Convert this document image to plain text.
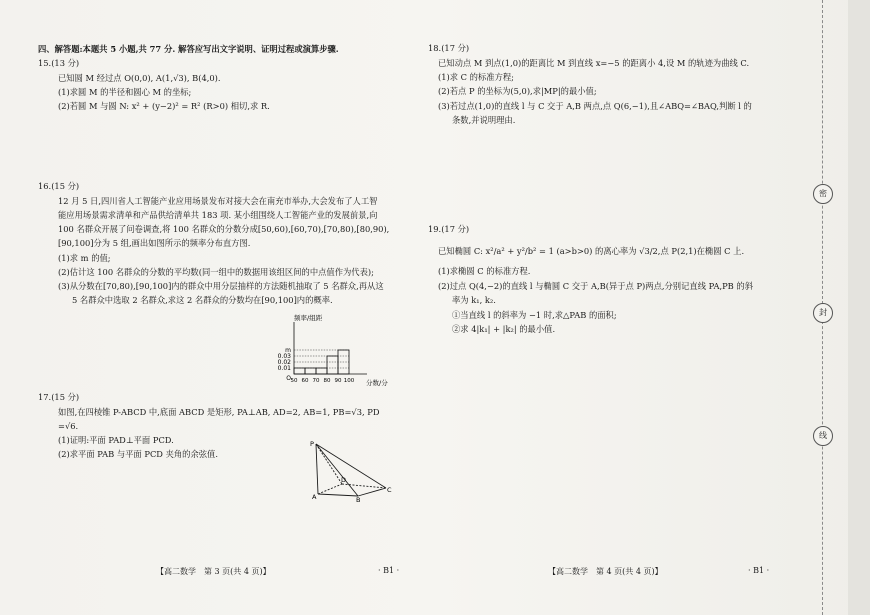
四、解答题:本题共 5 小题,共 77 分. 解答应写出文字说明、证明过程或演算步骤.
15.(13 分)
已知圆 M 经过点 O(0,0), A(1,√3), B(4,0).
(1)求圆 M 的半径和圆心 M 的坐标;
(2)若圆 M 与圆 N: x² + (y−2)² = R² (R>0) 相切,求 R.
16.(15 分)
12 月 5 日,四川省人工智能产业应用场景发布对接大会在南充市举办,大会发布了人工智
能应用场景需求清单和产品供给清单共 183 项. 某小组围绕人工智能产业的发展前景,向
100 名群众开展了问卷调查,将 100 名群众的分数分成[50,60),[60,70),[70,80),[80,90),
[90,100]分为 5 组,画出如图所示的频率分布直方图.
(1)求 m 的值;
(2)估计这 100 名群众的分数的平均数(同一组中的数据用该组区间的中点值作为代表);
(3)从分数在[70,80),[90,100]内的群众中用分层抽样的方法随机抽取了 5 名群众,再从这
5 名群众中选取 2 名群众,求这 2 名群众的分数均在[90,100]内的概率.
17.(15 分)
如图,在四棱锥 P-ABCD 中,底面 ABCD 是矩形, PA⊥AB, AD=2, AB=1, PB=√3, PD
=√6.
(1)证明:平面 PAD⊥平面 PCD.
(2)求平面 PAB 与平面 PCD 夹角的余弦值.
【高二数学　第 3 页(共 4 页)】	· B1 ·
频率/组距
分数/分
m
0.03
0.02
0.01
O 50 60 70 80 90 100
P
A	B
C
D
18.(17 分)
已知动点 M 到点(1,0)的距离比 M 到直线 x=−5 的距离小 4,设 M 的轨迹为曲线 C.
(1)求 C 的标准方程;
(2)若点 P 的坐标为(5,0),求|MP|的最小值;
(3)若过点(1,0)的直线 l 与 C 交于 A,B 两点,点 Q(6,−1),且∠ABQ=∠BAQ,判断 l 的
条数,并说明理由.
19.(17 分)
已知椭圆 C: x²/a² + y²/b² = 1 (a>b>0) 的离心率为 √3/2,点 P(2,1)在椭圆 C 上.
(1)求椭圆 C 的标准方程.
(2)过点 Q(4,−2)的直线 l 与椭圆 C 交于 A,B(异于点 P)两点,分别记直线 PA,PB 的斜
率为 k₁, k₂.
①当直线 l 的斜率为 −1 时,求△PAB 的面积;
②求 4|k₁| + |k₂| 的最小值.
【高二数学　第 4 页(共 4 页)】	· B1 ·
密
封
线
